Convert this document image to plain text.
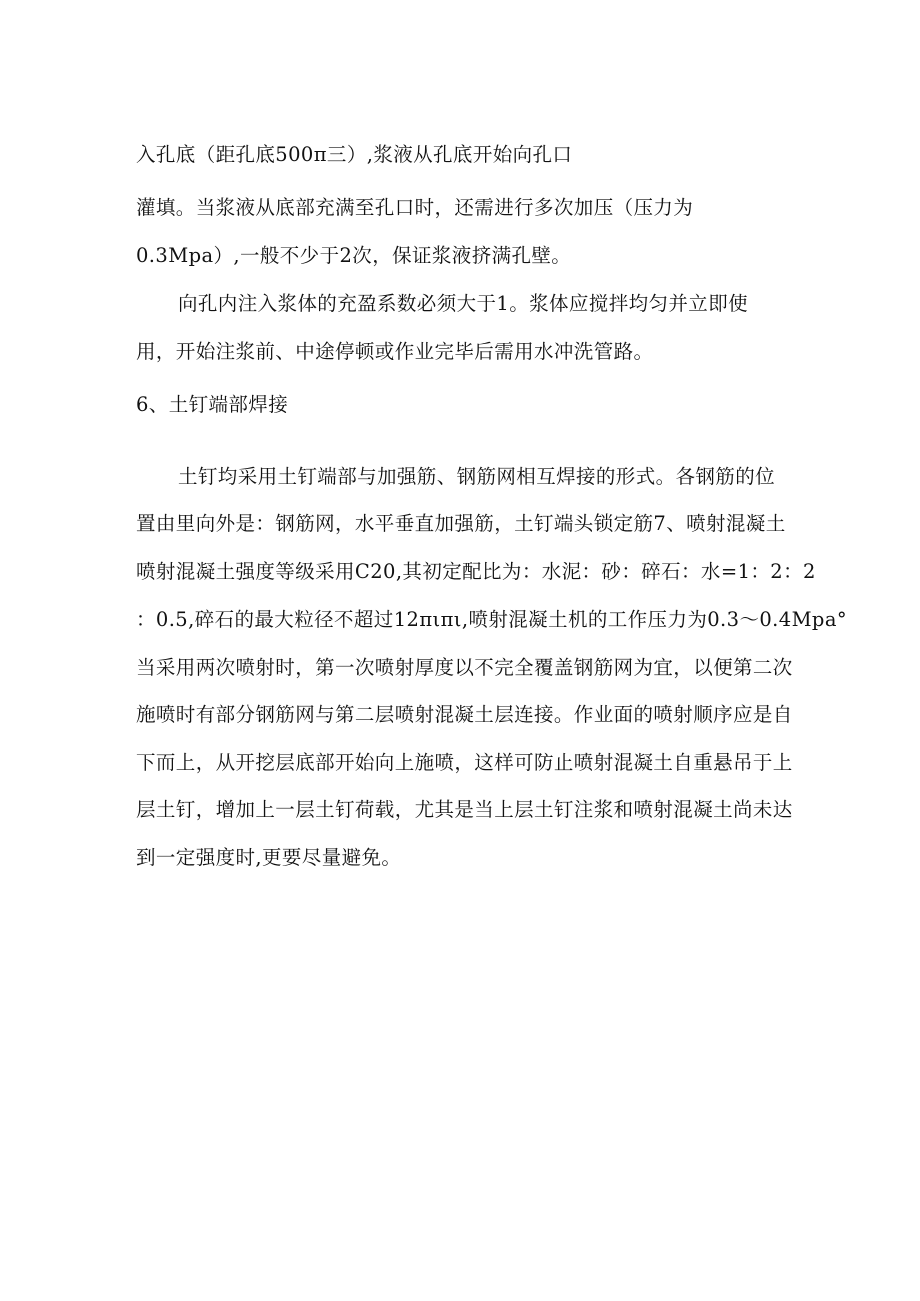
入孔底（距孔底500π三）,浆液从孔底开始向孔口
灌填。当浆液从底部充满至孔口时，还需进行多次加压（压力为
0.3Mpa）,一般不少于2次，保证浆液挤满孔壁。
向孔内注入浆体的充盈系数必须大于1。浆体应搅拌均匀并立即使
用，开始注浆前、中途停顿或作业完毕后需用水冲洗管路。
6、土钉端部焊接
土钉均采用土钉端部与加强筋、钢筋网相互焊接的形式。各钢筋的位
置由里向外是：钢筋网，水平垂直加强筋，土钉端头锁定筋7、喷射混凝土
喷射混凝土强度等级采用C20,其初定配比为：水泥：砂：碎石：水=1：2：2
：0.5,碎石的最大粒径不超过12πιπι,喷射混凝土机的工作压力为0.3～0.4Mpa°
当采用两次喷射时，第一次喷射厚度以不完全覆盖钢筋网为宜，以便第二次
施喷时有部分钢筋网与第二层喷射混凝土层连接。作业面的喷射顺序应是自
下而上，从开挖层底部开始向上施喷，这样可防止喷射混凝土自重悬吊于上
层土钉，增加上一层土钉荷载，尤其是当上层土钉注浆和喷射混凝土尚未达
到一定强度时,更要尽量避免。
